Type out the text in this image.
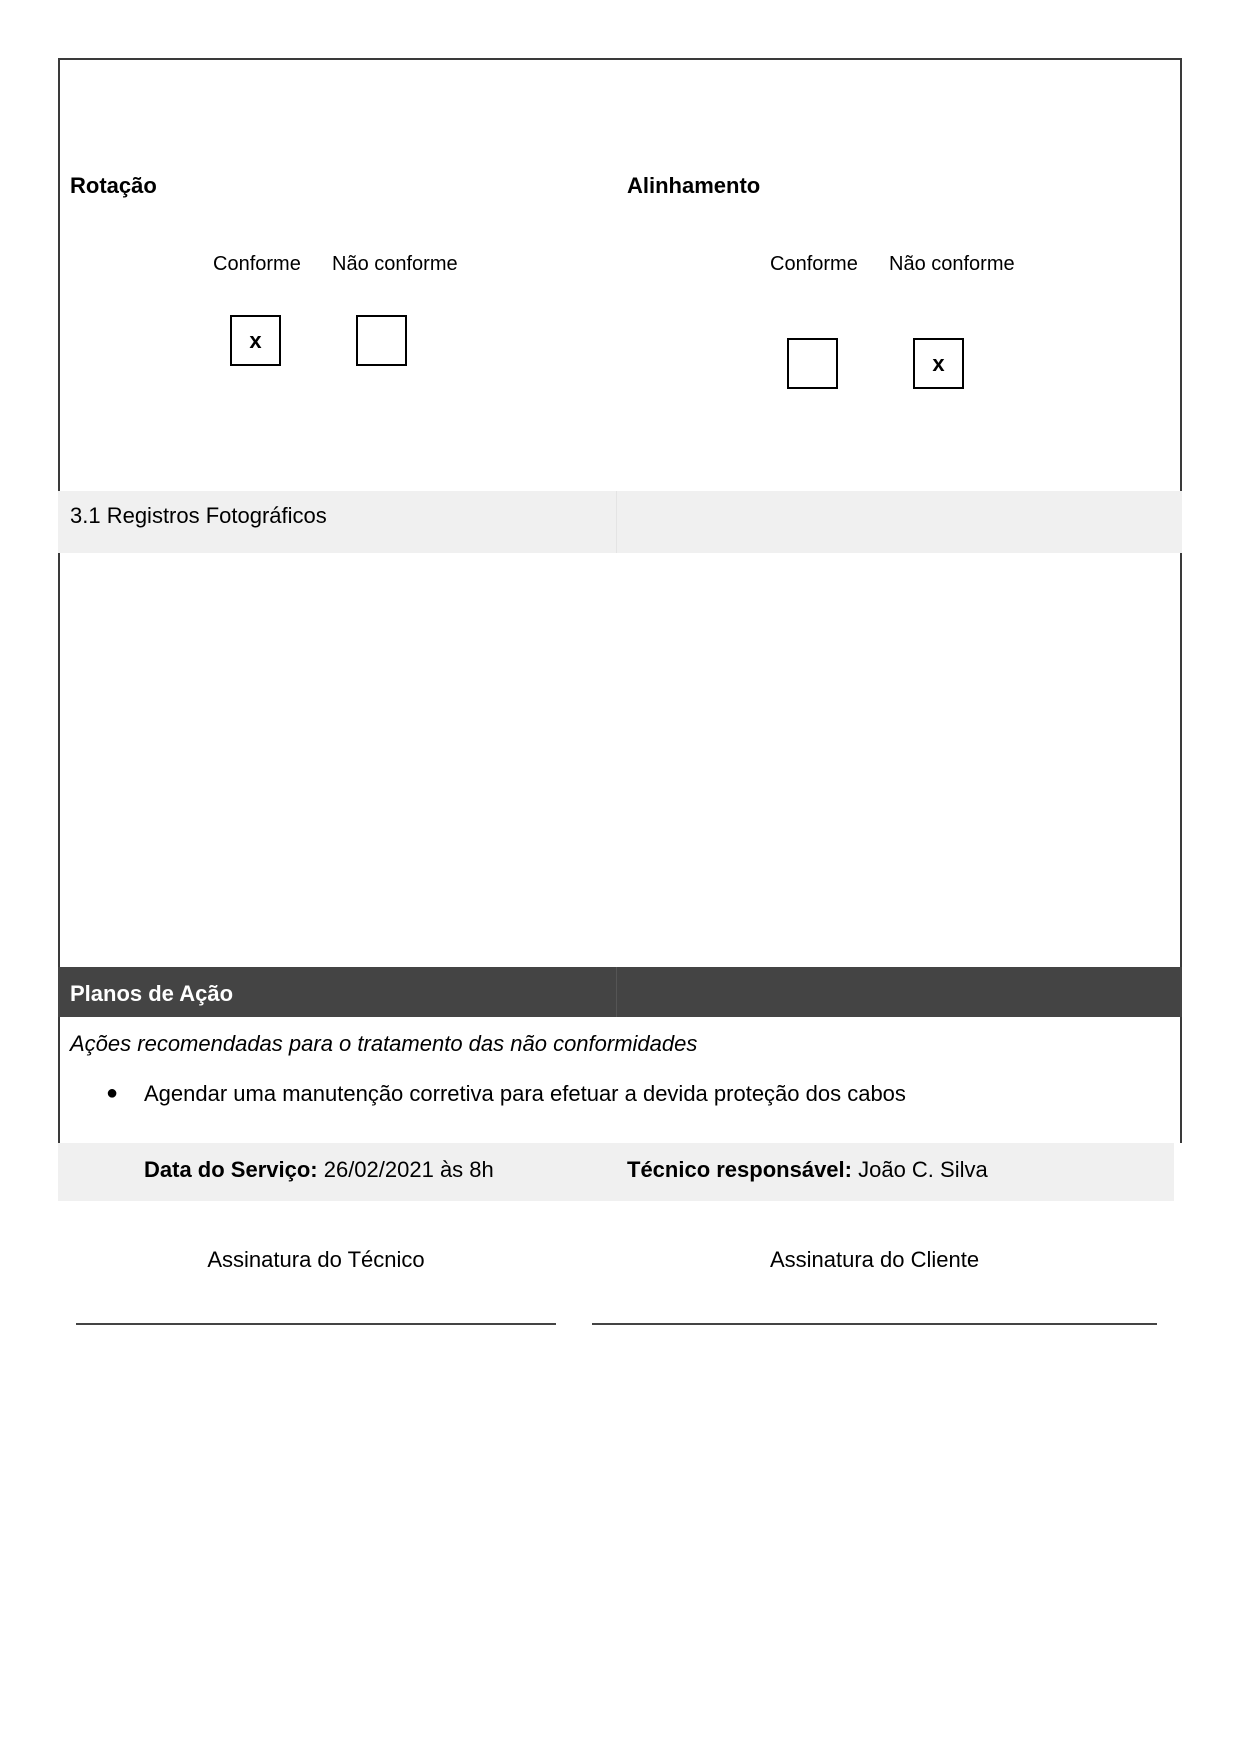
Rotação
Conforme Não conforme
x
Alinhamento
Conforme Não conforme
x
3.1 Registros Fotográficos
Planos de Ação
Ações recomendadas para o tratamento das não conformidades
● Agendar uma manutenção corretiva para efetuar a devida proteção dos cabos
Data do Serviço: 26/02/2021 às 8h	Técnico responsável: João C. Silva
Assinatura do Técnico	Assinatura do Cliente
